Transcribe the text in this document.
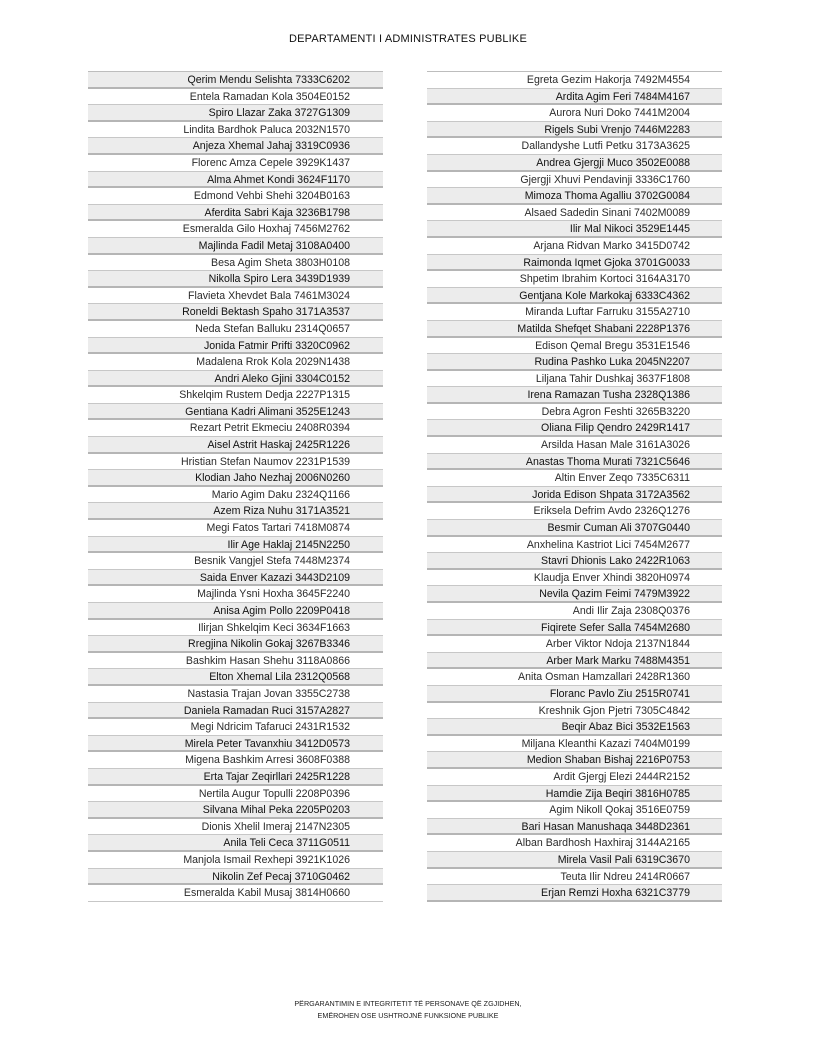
DEPARTAMENTI I ADMINISTRATES PUBLIKE
Qerim Mendu Selishta 7333C6202
Entela Ramadan Kola 3504E0152
Spiro Llazar Zaka 3727G1309
Lindita Bardhok Paluca 2032N1570
Anjeza Xhemal Jahaj 3319C0936
Florenc Amza Cepele 3929K1437
Alma Ahmet Kondi 3624F1170
Edmond Vehbi Shehi 3204B0163
Aferdita Sabri Kaja 3236B1798
Esmeralda Gilo Hoxhaj 7456M2762
Majlinda Fadil Metaj 3108A0400
Besa Agim Sheta 3803H0108
Nikolla Spiro Lera 3439D1939
Flavieta Xhevdet Bala 7461M3024
Roneldi Bektash Spaho 3171A3537
Neda Stefan Balluku 2314Q0657
Jonida Fatmir Prifti 3320C0962
Madalena Rrok Kola 2029N1438
Andri Aleko Gjini 3304C0152
Shkelqim Rustem Dedja 2227P1315
Gentiana Kadri Alimani 3525E1243
Rezart Petrit Ekmeciu 2408R0394
Aisel Astrit Haskaj 2425R1226
Hristian Stefan Naumov 2231P1539
Klodian Jaho Nezhaj 2006N0260
Mario Agim Daku 2324Q1166
Azem Riza Nuhu 3171A3521
Megi Fatos Tartari 7418M0874
Ilir Age Haklaj 2145N2250
Besnik Vangjel Stefa 7448M2374
Saida Enver Kazazi 3443D2109
Majlinda Ysni Hoxha 3645F2240
Anisa Agim Pollo 2209P0418
Ilirjan Shkelqim Keci 3634F1663
Rregjina Nikolin Gokaj 3267B3346
Bashkim Hasan Shehu 3118A0866
Elton Xhemal Lila 2312Q0568
Nastasia Trajan Jovan 3355C2738
Daniela Ramadan Ruci 3157A2827
Megi Ndricim Tafaruci 2431R1532
Mirela Peter Tavanxhiu 3412D0573
Migena Bashkim Arresi 3608F0388
Erta Tajar Zeqirllari 2425R1228
Nertila Augur Topulli 2208P0396
Silvana Mihal Peka 2205P0203
Dionis Xhelil Imeraj 2147N2305
Anila Teli Ceca 3711G0511
Manjola Ismail Rexhepi 3921K1026
Nikolin Zef Pecaj 3710G0462
Esmeralda Kabil Musaj 3814H0660
Egreta Gezim Hakorja 7492M4554
Ardita Agim Feri 7484M4167
Aurora Nuri Doko 7441M2004
Rigels Subi Vrenjo 7446M2283
Dallandyshe Lutfi Petku 3173A3625
Andrea Gjergji Muco 3502E0088
Gjergji Xhuvi Pendavinji 3336C1760
Mimoza Thoma Agalliu 3702G0084
Alsaed Sadedin Sinani 7402M0089
Ilir Mal Nikoci 3529E1445
Arjana Ridvan Marko 3415D0742
Raimonda Iqmet Gjoka 3701G0033
Shpetim Ibrahim Kortoci 3164A3170
Gentjana Kole Markokaj 6333C4362
Miranda Luftar Farruku 3155A2710
Matilda Shefqet Shabani 2228P1376
Edison Qemal Bregu 3531E1546
Rudina Pashko Luka 2045N2207
Liljana Tahir Dushkaj 3637F1808
Irena Ramazan Tusha 2328Q1386
Debra Agron Feshti 3265B3220
Oliana Filip Qendro 2429R1417
Arsilda Hasan Male 3161A3026
Anastas Thoma Murati 7321C5646
Altin Enver Zeqo 7335C6311
Jorida Edison Shpata 3172A3562
Eriksela Defrim Avdo 2326Q1276
Besmir Cuman Ali 3707G0440
Anxhelina Kastriot Lici 7454M2677
Stavri Dhionis Lako 2422R1063
Klaudja Enver Xhindi 3820H0974
Nevila Qazim Feimi 7479M3922
Andi Ilir Zaja 2308Q0376
Fiqirete Sefer Salla 7454M2680
Arber Viktor Ndoja 2137N1844
Arber Mark Marku 7488M4351
Anita Osman Hamzallari 2428R1360
Floranc Pavlo Ziu 2515R0741
Kreshnik Gjon Pjetri 7305C4842
Beqir Abaz Bici 3532E1563
Miljana Kleanthi Kazazi 7404M0199
Medion Shaban Bishaj 2216P0753
Ardit Gjergj Elezi 2444R2152
Hamdie Zija Beqiri 3816H0785
Agim Nikoll Qokaj 3516E0759
Bari Hasan Manushaqa 3448D2361
Alban Bardhosh Haxhiraj 3144A2165
Mirela Vasil Pali 6319C3670
Teuta Ilir Ndreu 2414R0667
Erjan Remzi Hoxha 6321C3779
PËRGARANTIMIN E INTEGRITETIT TË PERSONAVE QË ZGJIDHEN,
EMËROHEN OSE USHTROJNË FUNKSIONE PUBLIKE
